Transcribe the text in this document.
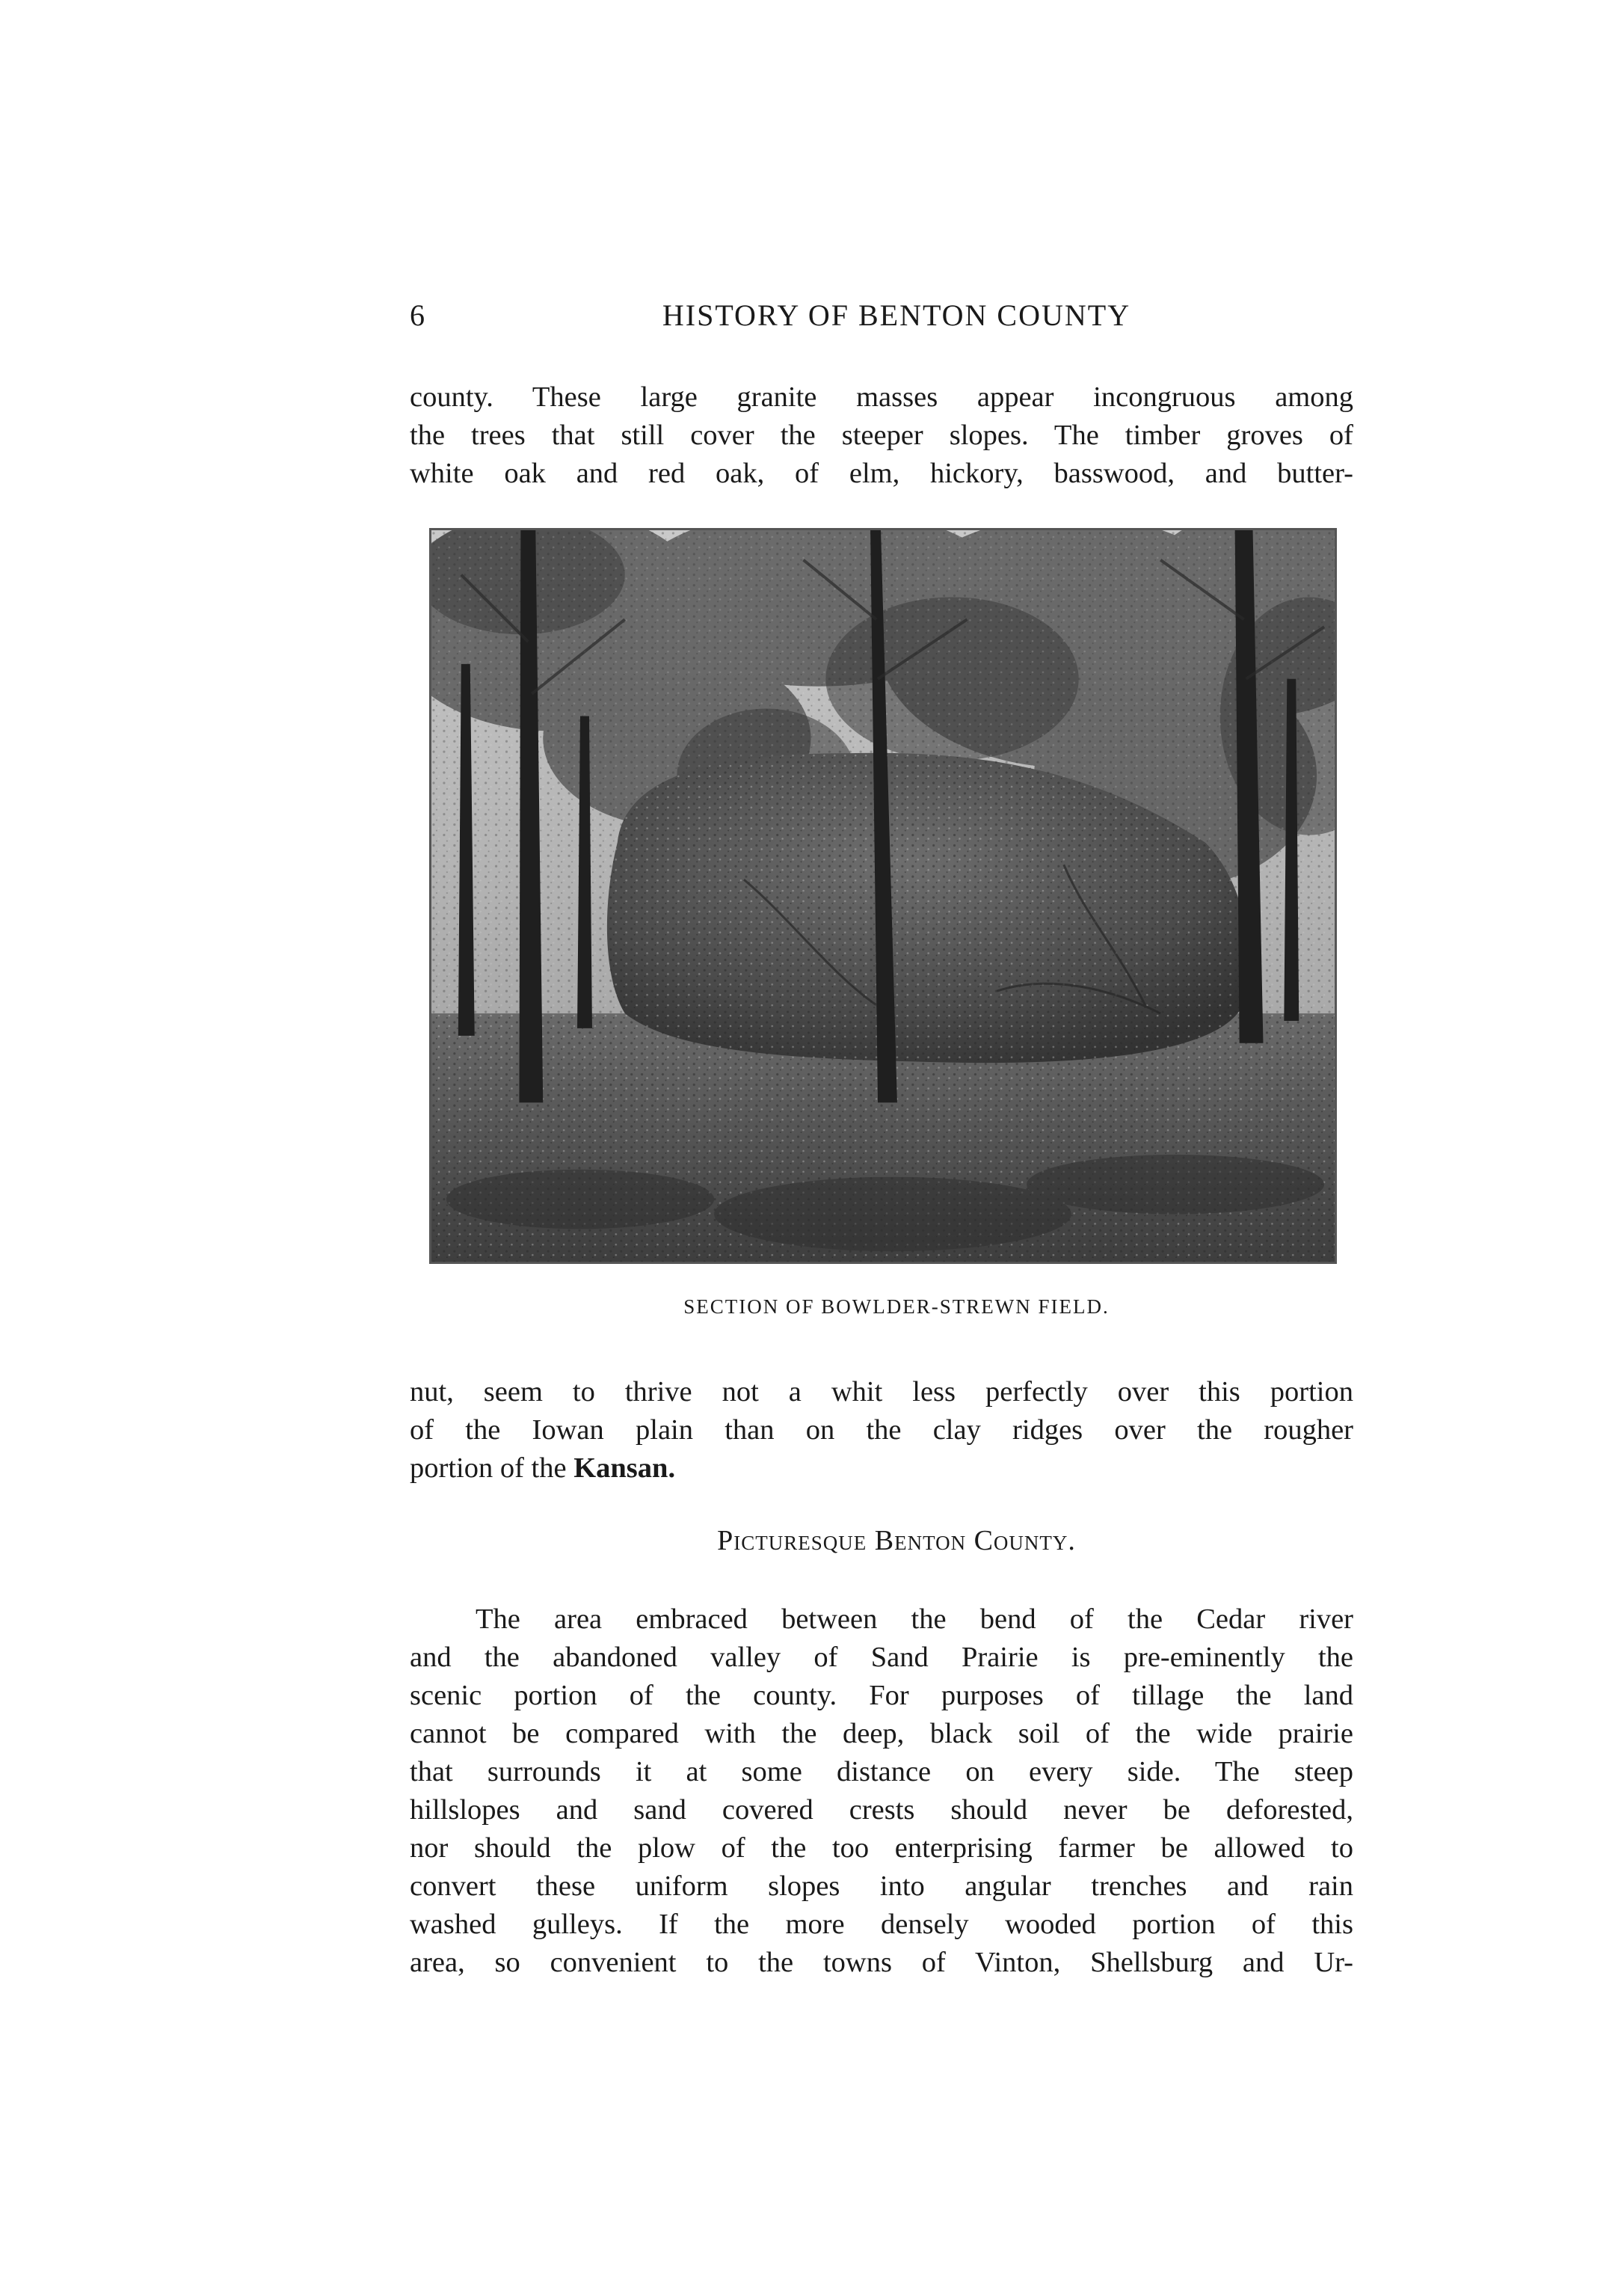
6	HISTORY OF BENTON COUNTY

county. These large granite masses appear incongruous among
the trees that still cover the steeper slopes. The timber groves of
white oak and red oak, of elm, hickory, basswood, and butter-

SECTION OF BOWLDER-STREWN FIELD.

nut, seem to thrive not a whit less perfectly over this portion
of the Iowan plain than on the clay ridges over the rougher
portion of the Kansan.

Picturesque Benton County.

The area embraced between the bend of the Cedar river
and the abandoned valley of Sand Prairie is pre-eminently the
scenic portion of the county. For purposes of tillage the land
cannot be compared with the deep, black soil of the wide prairie
that surrounds it at some distance on every side. The steep
hillslopes and sand covered crests should never be deforested,
nor should the plow of the too enterprising farmer be allowed to
convert these uniform slopes into angular trenches and rain
washed gulleys. If the more densely wooded portion of this
area, so convenient to the towns of Vinton, Shellsburg and Ur-
